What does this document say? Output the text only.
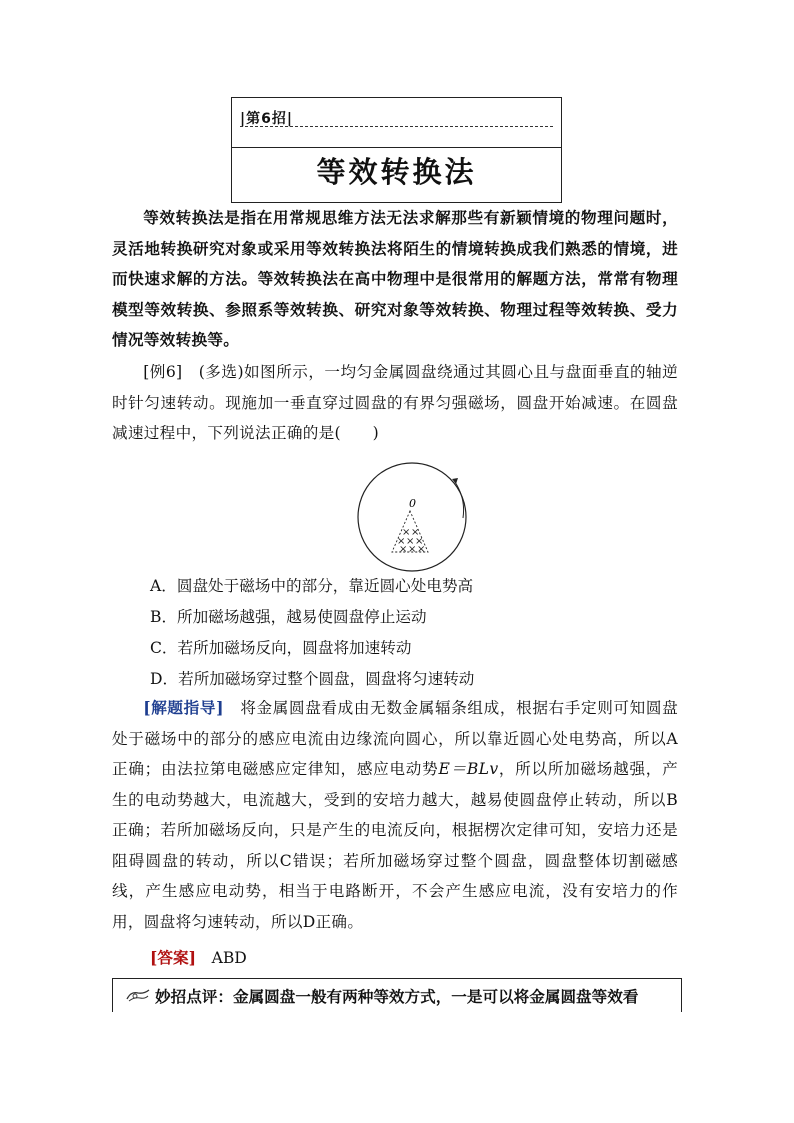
|第6招|
等效转换法
等效转换法是指在用常规思维方法无法求解那些有新颖情境的物理问题时，灵活地转换研究对象或采用等效转换法将陌生的情境转换成我们熟悉的情境，进而快速求解的方法。等效转换法在高中物理中是很常用的解题方法，常常有物理模型等效转换、参照系等效转换、研究对象等效转换、物理过程等效转换、受力情况等效转换等。
[例6]　 (多选)如图所示，一均匀金属圆盘绕通过其圆心且与盘面垂直的轴逆时针匀速转动。现施加一垂直穿过圆盘的有界匀强磁场，圆盘开始减速。在圆盘减速过程中，下列说法正确的是(　　)
0
× ×
× × ×
× × ×
A．圆盘处于磁场中的部分，靠近圆心处电势高
B．所加磁场越强，越易使圆盘停止运动
C．若所加磁场反向，圆盘将加速转动
D．若所加磁场穿过整个圆盘，圆盘将匀速转动
[解题指导]　将金属圆盘看成由无数金属辐条组成，根据右手定则可知圆盘处于磁场中的部分的感应电流由边缘流向圆心，所以靠近圆心处电势高，所以A正确；由法拉第电磁感应定律知，感应电动势E＝BLv，所以所加磁场越强，产生的电动势越大，电流越大，受到的安培力越大，越易使圆盘停止转动，所以B正确；若所加磁场反向，只是产生的电流反向，根据楞次定律可知，安培力还是阻碍圆盘的转动，所以C错误；若所加磁场穿过整个圆盘，圆盘整体切割磁感线，产生感应电动势，相当于电路断开，不会产生感应电流，没有安培力的作用，圆盘将匀速转动，所以D正确。
[答案]　 ABD
妙招点评：金属圆盘一般有两种等效方式，一是可以将金属圆盘等效看
